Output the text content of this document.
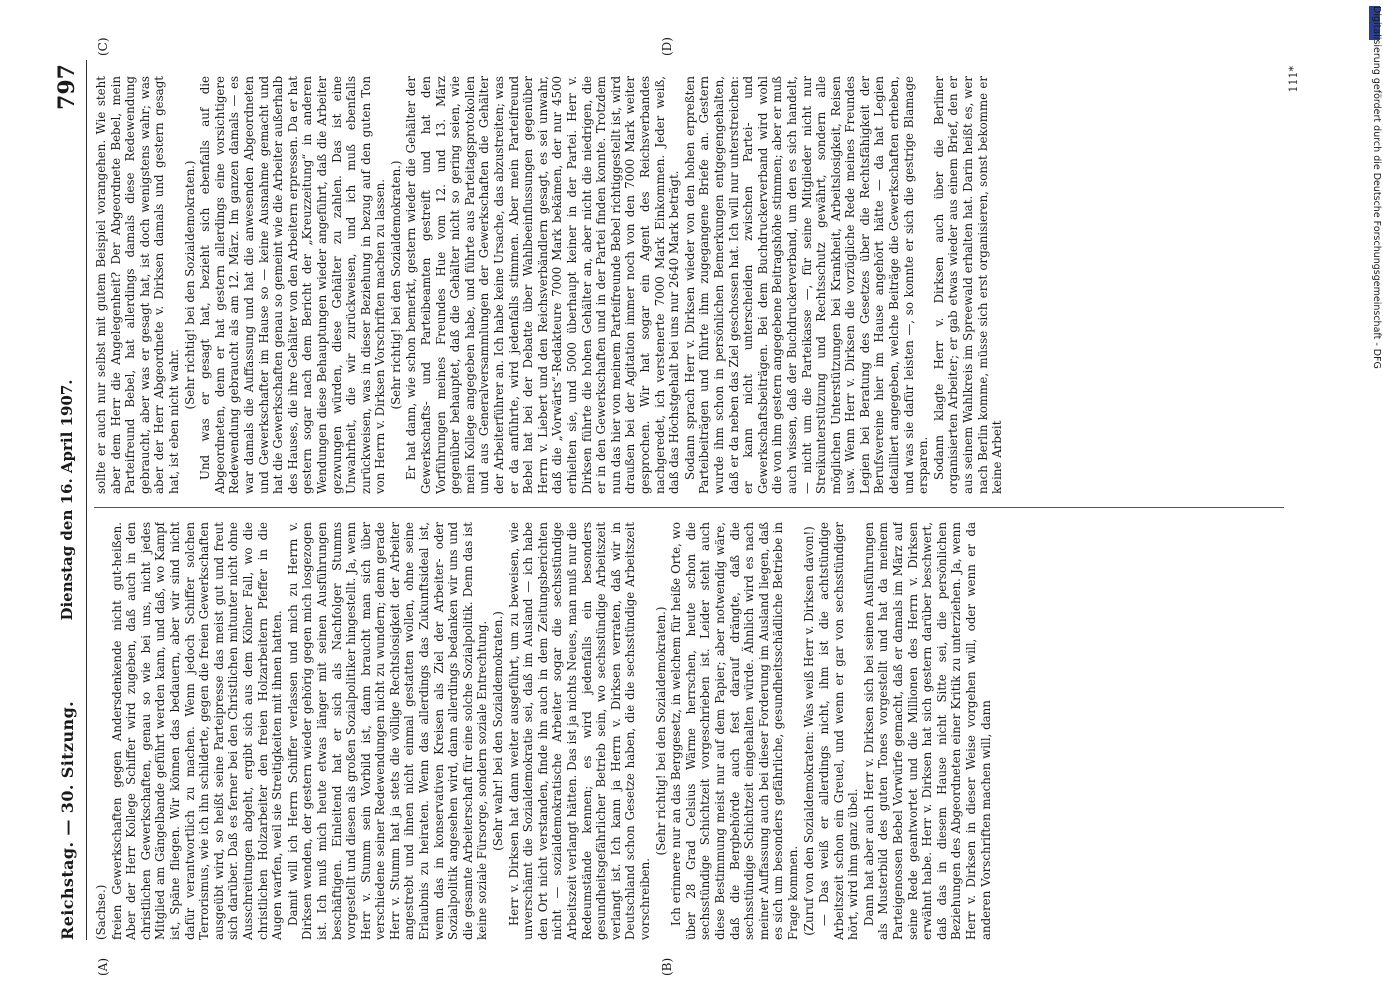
Reichstag. — 30. Sitzung.
Dienstag den 16. April 1907.
797
(A)	(B)
(C)	(D)

(Sachse.) freien Gewerkschaften gegen Andersdenkende nicht gut-heißen. Aber der Herr Kollege Schiffer wird zugeben, daß auch in den christlichen Gewerkschaften, genau so wie bei uns, nicht jedes Mitglied am Gängelbande geführt werden kann, und daß, wo Kampf ist, Späne fliegen. Wir können das bedauern, aber wir sind nicht dafür verantwortlich zu machen. Wenn jedoch Schiffer solchen Terrorismus, wie ich ihn schilderte, gegen die freien Gewerkschaften ausgeübt wird, so heißt seine Parteipresse das meist gut und freut sich darüber. Daß es ferner bei den Christlichen mitunter nicht ohne Ausschreitungen abgeht, ergibt sich aus dem Kölner Fall, wo die christlichen Holzarbeiter den freien Holzarbeitern Pfeffer in die Augen warfen, weil sie Streitigkeiten mit ihnen hatten. Damit will ich Herrn Schiffer verlassen und mich zu Herrn v. Dirksen wenden, der gestern wieder gehörig gegen mich losgezogen ist. Ich muß mich heute etwas länger mit seinen Ausführungen beschäftigen. Einleitend hat er sich als Nachfolger Stumms vorgestellt und diesen als großen Sozialpolitiker hingestellt. Ja, wenn Herr v. Stumm sein Vorbild ist, dann braucht man sich über verschiedene seiner Redewendungen nicht zu wundern; denn gerade Herr v. Stumm hat ja stets die völlige Rechtslosigkeit der Arbeiter angestrebt und ihnen nicht einmal gestatten wollen, ohne seine Erlaubnis zu heiraten. Wenn das allerdings das Zukunftsideal ist, wenn das in konservativen Kreisen als Ziel der Arbeiter- oder Sozialpolitik angesehen wird, dann allerdings bedanken wir uns und die gesamte Arbeiterschaft für eine solche Sozialpolitik. Denn das ist keine soziale Fürsorge, sondern soziale Entrechtung. (Sehr wahr! bei den Sozialdemokraten.) Herr v. Dirksen hat dann weiter ausgeführt, um zu beweisen, wie unverschämt die Sozialdemokratie sei, daß im Ausland — ich habe den Ort nicht verstanden, finde ihn auch in dem Zeitungsberichten nicht — sozialdemokratische Arbeiter sogar die sechsstündige Arbeitszeit verlangt hätten. Das ist ja nichts Neues, man muß nur die Redeumstände kennen; es wird jedenfalls ein besonders gesundheitsgefährlicher Betrieb sein, wo sechsstündige Arbeitszeit verlangt ist. Ich kann ja Herrn v. Dirksen verraten, daß wir in Deutschland schon Gesetze haben, die die sechsstündige Arbeitszeit vorschreiben.

(Sehr richtig! bei den Sozialdemokraten.) Ich erinnere nur an das Berggesetz, in welchem für heiße Orte, wo über 28 Grad Celsius Wärme herrschen, heute schon die sechsstündige Schichtzeit vorgeschrieben ist. Leider steht auch diese Bestimmung meist nur auf dem Papier; aber notwendig wäre, daß die Bergbehörde auch fest darauf drängte, daß die sechsstündige Schichtzeit eingehalten würde. Ähnlich wird es nach meiner Auffassung auch bei dieser Forderung im Ausland liegen, daß es sich um besonders gefährliche, gesundheitsschädliche Betriebe in Frage kommen. (Zuruf von den Sozialdemokraten: Was weiß Herr v. Dirksen davon!) — Das weiß er allerdings nicht, ihm ist die achtstündige Arbeitszeit schon ein Greuel, und wenn er gar von sechsstündiger hört, wird ihm ganz übel. Dann hat aber auch Herr v. Dirksen sich bei seinen Ausführungen als Musterbild des guten Tones vorgestellt und hat da meinem Parteigenossen Bebel Vorwürfe gemacht, daß er damals im März auf seine Rede geantwortet und die Millionen des Herrn v. Dirksen erwähnt habe. Herr v. Dirksen hat sich gestern darüber beschwert, daß das in diesem Hause nicht Sitte sei, die persönlichen Beziehungen des Abgeordneten einer Kritik zu unterziehen. Ja, wenn Herr v. Dirksen in dieser Weise vorgehen will, oder wenn er da anderen Vorschriften machen will, dann

sollte er auch nur selbst mit gutem Beispiel vorangehen. Wie steht aber dem Herr die Angelegenheit? Der Abgeordnete Bebel, mein Parteifreund Bebel, hat allerdings damals diese Redewendung gebraucht, aber was er gesagt hat, ist doch wenigstens wahr; was aber der Herr Abgeordnete v. Dirksen damals und gestern gesagt hat, ist eben nicht wahr.

(Sehr richtig! bei den Sozialdemokraten.) Und was er gesagt hat, bezieht sich ebenfalls auf die Abgeordneten, denn er hat gestern allerdings eine vorsichtigere Redewendung gebraucht als am 12. März. Im ganzen damals — es war damals die Auffassung und hat die anwesenden Abgeordneten und Gewerkschafter im Hause so — keine Ausnahme gemacht und hat die Gewerkschaften genau so gemeint wie die Arbeiter außerhalb des Hauses, die ihre Gehälter von den Arbeitern erpressen. Da er hat gestern sogar nach dem Bericht der „Kreuzzeitung“ in anderen Wendungen diese Behauptungen wieder angeführt, daß die Arbeiter gezwungen würden, diese Gehälter zu zahlen. Das ist eine Unwahrheit, die wir zurückweisen, und ich muß ebenfalls zurückweisen, was in dieser Beziehung in bezug auf den guten Ton von Herrn v. Dirksen Vorschriften machen zu lassen. (Sehr richtig! bei den Sozialdemokraten.) Er hat dann, wie schon bemerkt, gestern wieder die Gehälter der Gewerkschafts- und Parteibeamten gestreift und hat den Vorführungen meines Freundes Hue vom 12. und 13. März gegenüber behauptet, daß die Gehälter nicht so gering seien, wie mein Kollege angegeben habe, und führte aus Parteitagsprotokollen und aus Generalversammlungen der Gewerkschaften die Gehälter der Arbeiterführer an. Ich habe keine Ursache, das abzustreiten; was er da anführte, wird jedenfalls stimmen. Aber mein Parteifreund Bebel hat bei der Debatte über Wahlbeeinflussungen gegenüber Herrn v. Liebert und den Reichsverbändlern gesagt, es sei unwahr, daß die „Vorwärts“-Redakteure 7000 Mark bekämen, der nur 4500 erhielten sie, und 5000 überhaupt keiner in der Partei. Herr v. Dirksen führte die hohen Gehälter an, aber nicht die niedrigen, die er in den Gewerkschaften und in der Partei finden konnte. Trotzdem nun das hier von meinem Parteifreunde Bebel richtiggestellt ist, wird draußen bei der Agitation immer noch von den 7000 Mark weiter gesprochen. Wir hat sogar ein Agent des Reichsverbandes nachgeredet, ich verstenerte 7000 Mark Einkommen. Jeder weiß, daß das Höchstgehalt bei uns nur 2640 Mark beträgt. Sodann sprach Herr v. Dirksen wieder von den hohen erpreßten Parteibeiträgen und führte ihm zugegangene Briefe an. Gestern wurde ihm schon in persönlichen Bemerkungen entgegengehalten, daß er da neben das Ziel geschossen hat. Ich will nur unterstreichen: er kann nicht unterscheiden zwischen Partei- und Gewerkschaftsbeiträgen. Bei dem Buchdruckerverband wird wohl die von ihm gestern angegebene Beitragshöhe stimmen; aber er muß auch wissen, daß der Buchdruckerverband, um den es sich handelt, — nicht um die Parteikasse —, für seine Mitglieder nicht nur Streikunterstützung und Rechtsschutz gewährt, sondern alle möglichen Unterstützungen bei Krankheit, Arbeitslosigkeit, Reisen usw. Wenn Herr v. Dirksen die vorzügliche Rede meines Freundes Legien bei Beratung des Gesetzes über die Rechtsfähigkeit der Berufsvereine hier im Hause angehört hätte — da hat Legien detailliert angegeben, welche Beiträge die Gewerkschaften erheben, und was sie dafür leisten —, so konnte er sich die gestrige Blamage ersparen. Sodann klagte Herr v. Dirksen auch über die Berliner organisierten Arbeiter; er gab etwas wieder aus einem Brief, den er aus seinem Wahlkreis im Spreewald erhalten hat. Darin heißt es, wer nach Berlin komme, müsse sich erst organisieren, sonst bekomme er keine Arbeit

111*	Digitalisierung gefördert durch die Deutsche Forschungsgemeinschaft - DFG
